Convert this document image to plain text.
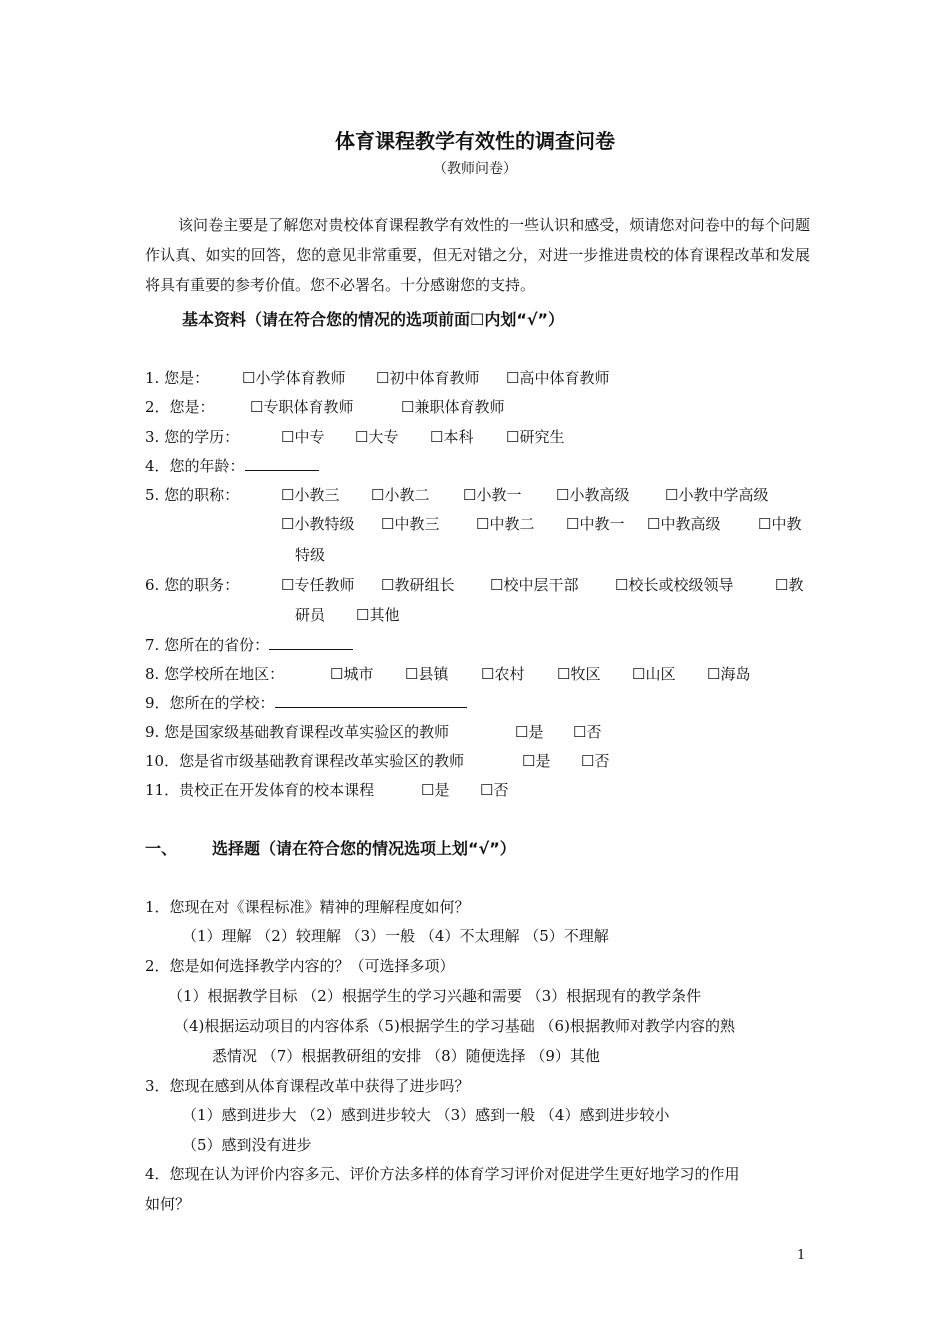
体育课程教学有效性的调查问卷
（教师问卷）
该问卷主要是了解您对贵校体育课程教学有效性的一些认识和感受，烦请您对问卷中的每个问题作认真、如实的回答，您的意见非常重要，但无对错之分，对进一步推进贵校的体育课程改革和发展将具有重要的参考价值。您不必署名。十分感谢您的支持。
基本资料（请在符合您的情况的选项前面☐内划“√”）
1. 您是： ☐小学体育教师 ☐初中体育教师 ☐高中体育教师
2．您是： ☐专职体育教师	☐兼职体育教师
3. 您的学历：	☐中专 ☐大专 ☐本科 ☐研究生
4．您的年龄：
5. 您的职称：	☐小教三 ☐小教二 ☐小教一 ☐小教高级 ☐小教中学高级
☐小教特级 ☐中教三 ☐中教二 ☐中教一 ☐中教高级	☐中教
特级
6. 您的职务：	☐专任教师 ☐教研组长 ☐校中层干部 ☐校长或校级领导	☐教
研员 ☐其他
7. 您所在的省份：
8. 您学校所在地区：	☐城市 ☐县镇 ☐农村 ☐牧区 ☐山区 ☐海岛
9．您所在的学校：
9. 您是国家级基础教育课程改革实验区的教师	☐是 ☐否
10．您是省市级基础教育课程改革实验区的教师	☐是 ☐否
11．贵校正在开发体育的校本课程	☐是 ☐否
一、 选择题（请在符合您的情况选项上划“√”）
1．您现在对《课程标准》精神的理解程度如何？
（1）理解 （2）较理解 （3）一般 （4）不太理解 （5）不理解
2．您是如何选择教学内容的？（可选择多项）
（1）根据教学目标 （2）根据学生的学习兴趣和需要 （3）根据现有的教学条件
（4)根据运动项目的内容体系（5)根据学生的学习基础 （6)根据教师对教学内容的熟
悉情况 （7）根据教研组的安排 （8）随便选择 （9）其他
3．您现在感到从体育课程改革中获得了进步吗？
（1）感到进步大 （2）感到进步较大 （3）感到一般 （4）感到进步较小
（5）感到没有进步
4．您现在认为评价内容多元、评价方法多样的体育学习评价对促进学生更好地学习的作用
如何？
1
